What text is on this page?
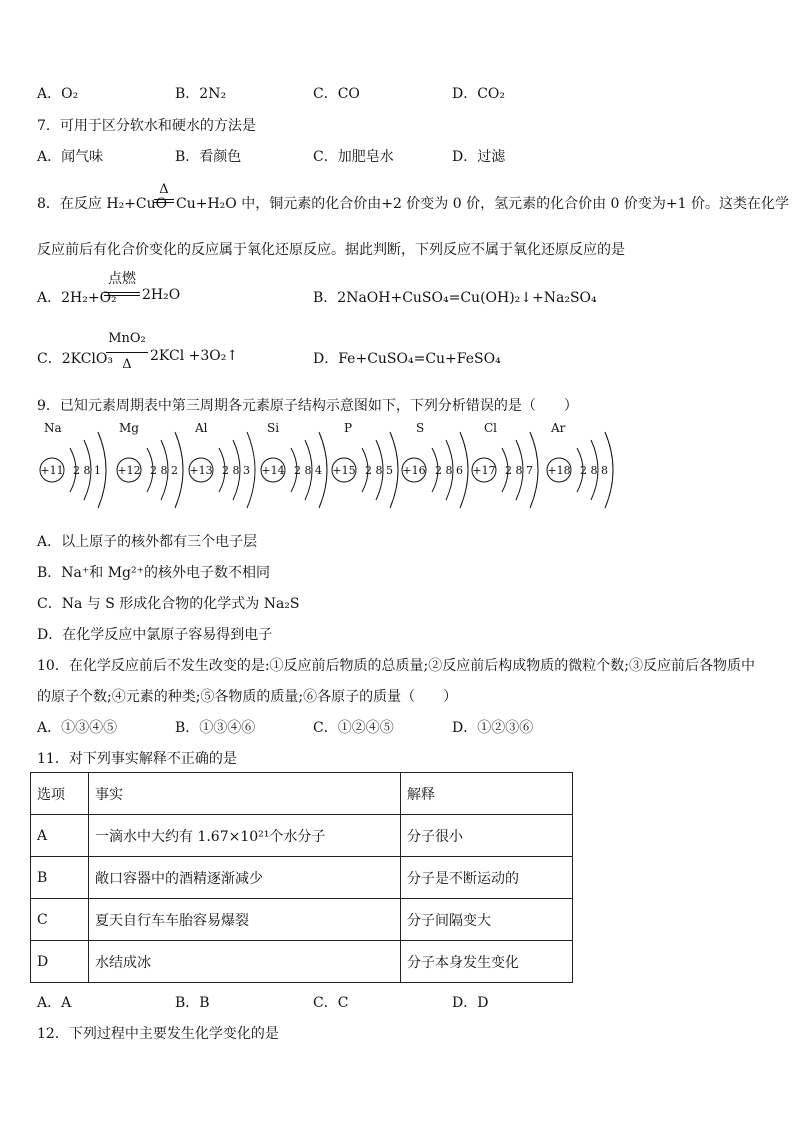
A．O₂	B．2N₂	C．CO	D．CO₂
7．可用于区分软水和硬水的方法是
A．闻气味	B．看颜色	C．加肥皂水	D．过滤
8．在反应 H₂+CuO
Δ
Cu+H₂O 中，铜元素的化合价由+2 价变为 0 价，氢元素的化合价由 0 价变为+1 价。这类在化学
反应前后有化合价变化的反应属于氧化还原反应。据此判断，下列反应不属于氧化还原反应的是
A．2H₂+O₂
点燃
2H₂O	B．2NaOH+CuSO₄=Cu(OH)₂↓+Na₂SO₄
C．2KClO₃
MnO₂
Δ
2KCl +3O₂↑	D．Fe+CuSO₄=Cu+FeSO₄
9．已知元素周期表中第三周期各元素原子结构示意图如下，下列分析错误的是（　　）
Na
+11 2 8 1
Mg
+12 2 8 2
Al
+13 2 8 3
Si
+14 2 8 4
P
+15 2 8 5
S
+16 2 8 6
Cl
+17 2 8 7
Ar
+18 2 8 8
A．以上原子的核外都有三个电子层
B．Na⁺和 Mg²⁺的核外电子数不相同
C．Na 与 S 形成化合物的化学式为 Na₂S
D．在化学反应中氯原子容易得到电子
10．在化学反应前后不发生改变的是:①反应前后物质的总质量;②反应前后构成物质的微粒个数;③反应前后各物质中
的原子个数;④元素的种类;⑤各物质的质量;⑥各原子的质量（　　）
A．①③④⑤	B．①③④⑥	C．①②④⑤	D．①②③⑥
11．对下列事实解释不正确的是
选项	事实	解释
A	一滴水中大约有 1.67×10²¹个水分子	分子很小
B	敞口容器中的酒精逐渐减少	分子是不断运动的
C	夏天自行车车胎容易爆裂	分子间隔变大
D	水结成冰	分子本身发生变化
A．A	B．B	C．C	D．D
12．下列过程中主要发生化学变化的是
